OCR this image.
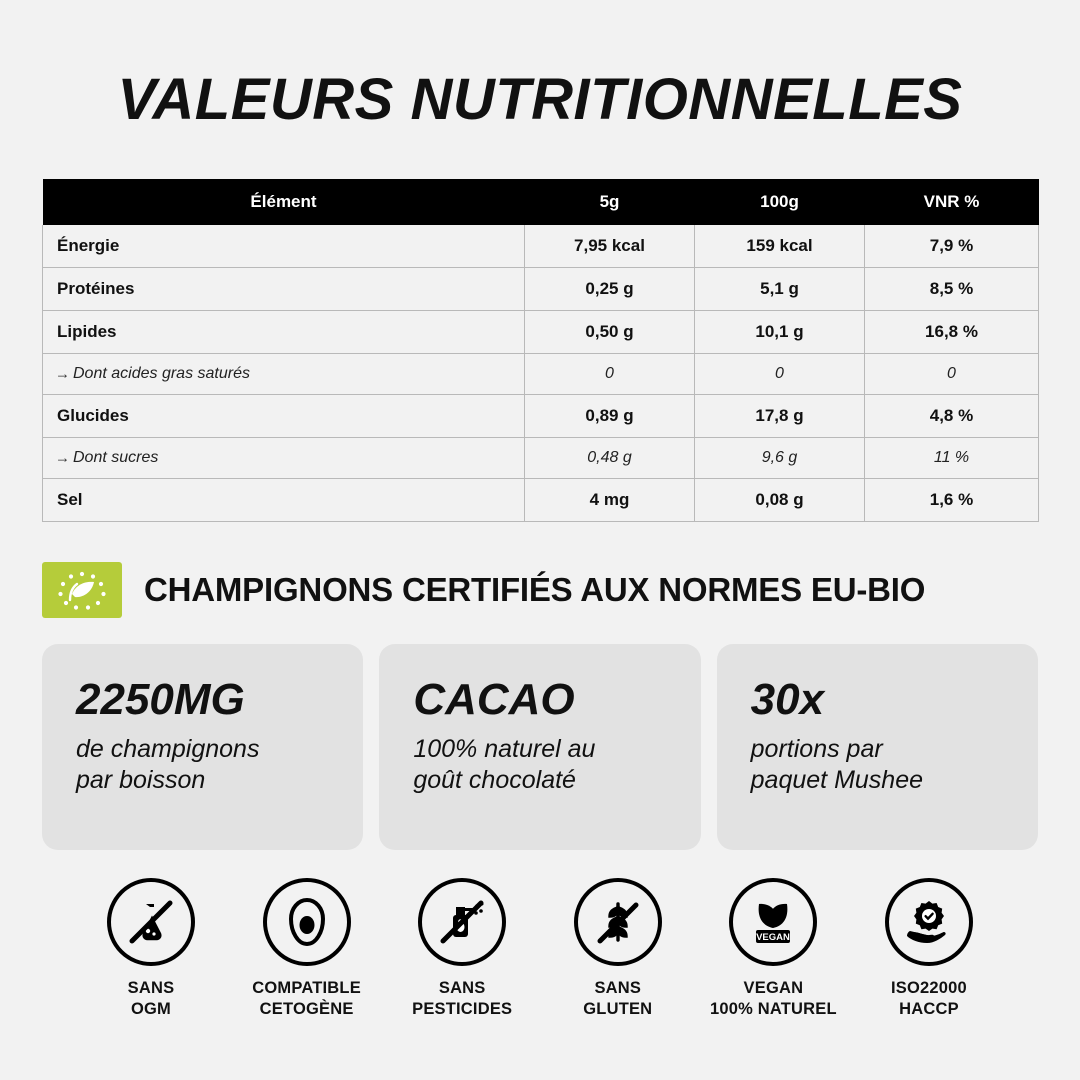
VALEURS NUTRITIONNELLES
Élément	5g	100g	VNR %
Énergie	7,95 kcal	159 kcal	7,9 %
Protéines	0,25 g	5,1 g	8,5 %
Lipides	0,50 g	10,1 g	16,8 %

→ Dont acides gras saturés	0	0	0
Glucides	0,89 g	17,8 g	4,8 %

→ Dont sucres	0,48 g	9,6 g	11 %
Sel	4 mg	0,08 g	1,6 %
CHAMPIGNONS CERTIFIÉS AUX NORMES EU-BIO
2250MG
de champignons
par boisson
CACAO
100% naturel au
goût chocolaté
30x
portions par
paquet Mushee
SANS
OGM
COMPATIBLE
CETOGÈNE
SANS
PESTICIDES
SANS
GLUTEN
VEGAN
VEGAN
100% NATUREL
ISO22000
HACCP
